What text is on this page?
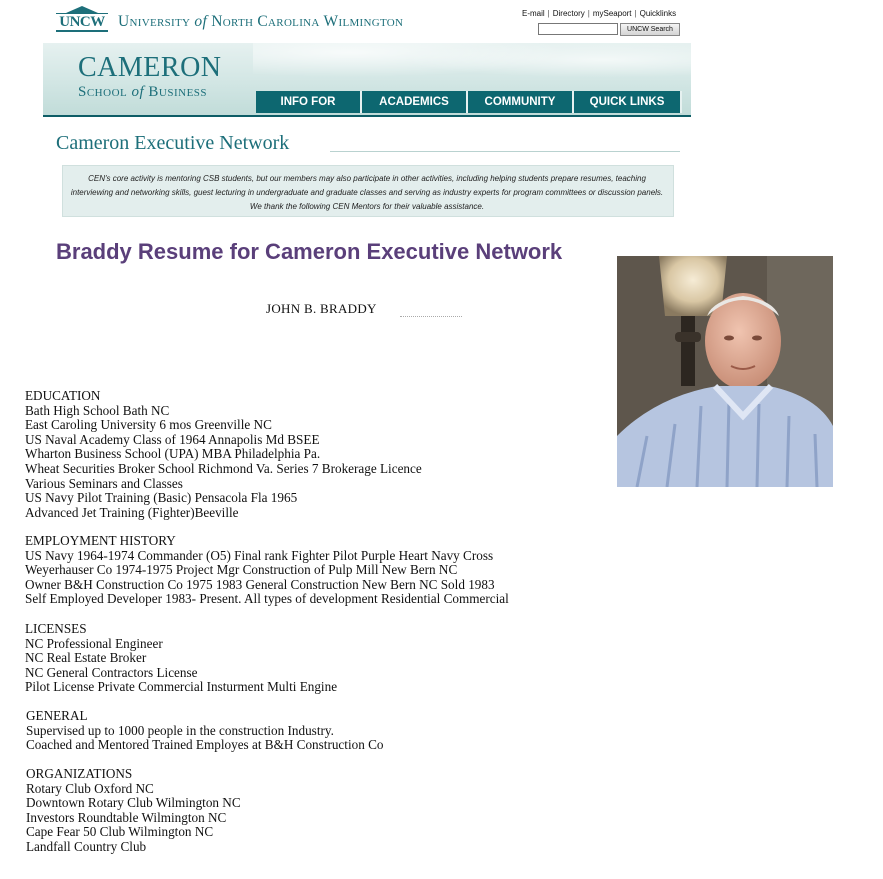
UNCW University of North Carolina Wilmington	E-mail | Directory | mySeaport | Quicklinks
UNCW Search
CAMERON
School of Business
INFO FOR	ACADEMICS	COMMUNITY	QUICK LINKS
Cameron Executive Network
CEN's core activity is mentoring CSB students, but our members may also participate in other activities, including helping students prepare resumes, teaching interviewing and networking skills, guest lecturing in undergraduate and graduate classes and serving as industry experts for program committees or discussion panels. We thank the following CEN Mentors for their valuable assistance.
Braddy Resume for Cameron Executive Network
JOHN B. BRADDY
EDUCATION
Bath High School Bath NC
East Caroling University 6 mos Greenville NC
US Naval Academy Class of 1964 Annapolis Md BSEE
Wharton Business School (UPA) MBA Philadelphia Pa.
Wheat Securities Broker School Richmond Va. Series 7 Brokerage Licence
Various Seminars and Classes
US Navy Pilot Training (Basic) Pensacola Fla 1965
Advanced Jet Training (Fighter)Beeville
EMPLOYMENT HISTORY
US Navy 1964-1974 Commander (O5) Final rank Fighter Pilot Purple Heart Navy Cross
Weyerhauser Co 1974-1975 Project Mgr Construction of Pulp Mill New Bern NC
Owner B&H Construction Co 1975 1983 General Construction New Bern NC Sold 1983
Self Employed Developer 1983- Present. All types of development Residential Commercial
LICENSES
NC Professional Engineer
NC Real Estate Broker
NC General Contractors License
Pilot License Private Commercial Insturment Multi Engine
GENERAL
Supervised up to 1000 people in the construction Industry.
Coached and Mentored Trained Employes at B&H Construction Co
ORGANIZATIONS
Rotary Club Oxford NC
Downtown Rotary Club Wilmington NC
Investors Roundtable Wilmington NC
Cape Fear 50 Club Wilmington NC
Landfall Country Club
